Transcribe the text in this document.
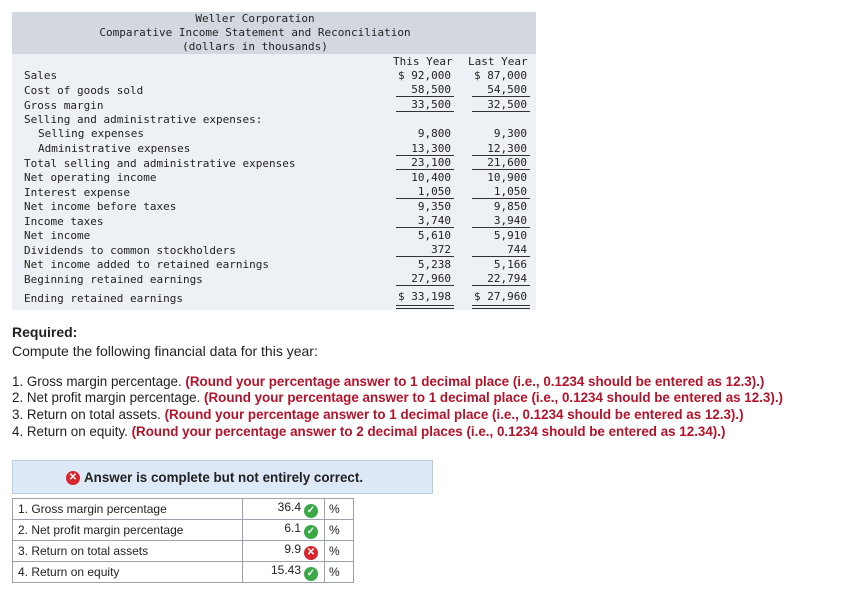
Weller Corporation
Comparative Income Statement and Reconciliation
(dollars in thousands)
This Year Last Year
Sales	$ 92,000 $ 87,000
Cost of goods sold	58,500	54,500
Gross margin	33,500	32,500
Selling and administrative expenses:
Selling expenses	9,800	9,300
Administrative expenses	13,300	12,300
Total selling and administrative expenses	23,100	21,600
Net operating income	10,400	10,900
Interest expense	1,050	1,050
Net income before taxes	9,350	9,850
Income taxes	3,740	3,940
Net income	5,610	5,910
Dividends to common stockholders	372	744
Net income added to retained earnings	5,238	5,166
Beginning retained earnings	27,960	22,794
Ending retained earnings	$ 33,198 $ 27,960
Required:
Compute the following financial data for this year:
1. Gross margin percentage. (Round your percentage answer to 1 decimal place (i.e., 0.1234 should be entered as 12.3).)
2. Net profit margin percentage. (Round your percentage answer to 1 decimal place (i.e., 0.1234 should be entered as 12.3).)
3. Return on total assets. (Round your percentage answer to 1 decimal place (i.e., 0.1234 should be entered as 12.3).)
4. Return on equity. (Round your percentage answer to 2 decimal places (i.e., 0.1234 should be entered as 12.34).)
✕ Answer is complete but not entirely correct.
1. Gross margin percentage	36.4 ✓	%
2. Net profit margin percentage	6.1 ✓	%
3. Return on total assets	9.9 ✕	%
4. Return on equity	15.43 ✓	%
